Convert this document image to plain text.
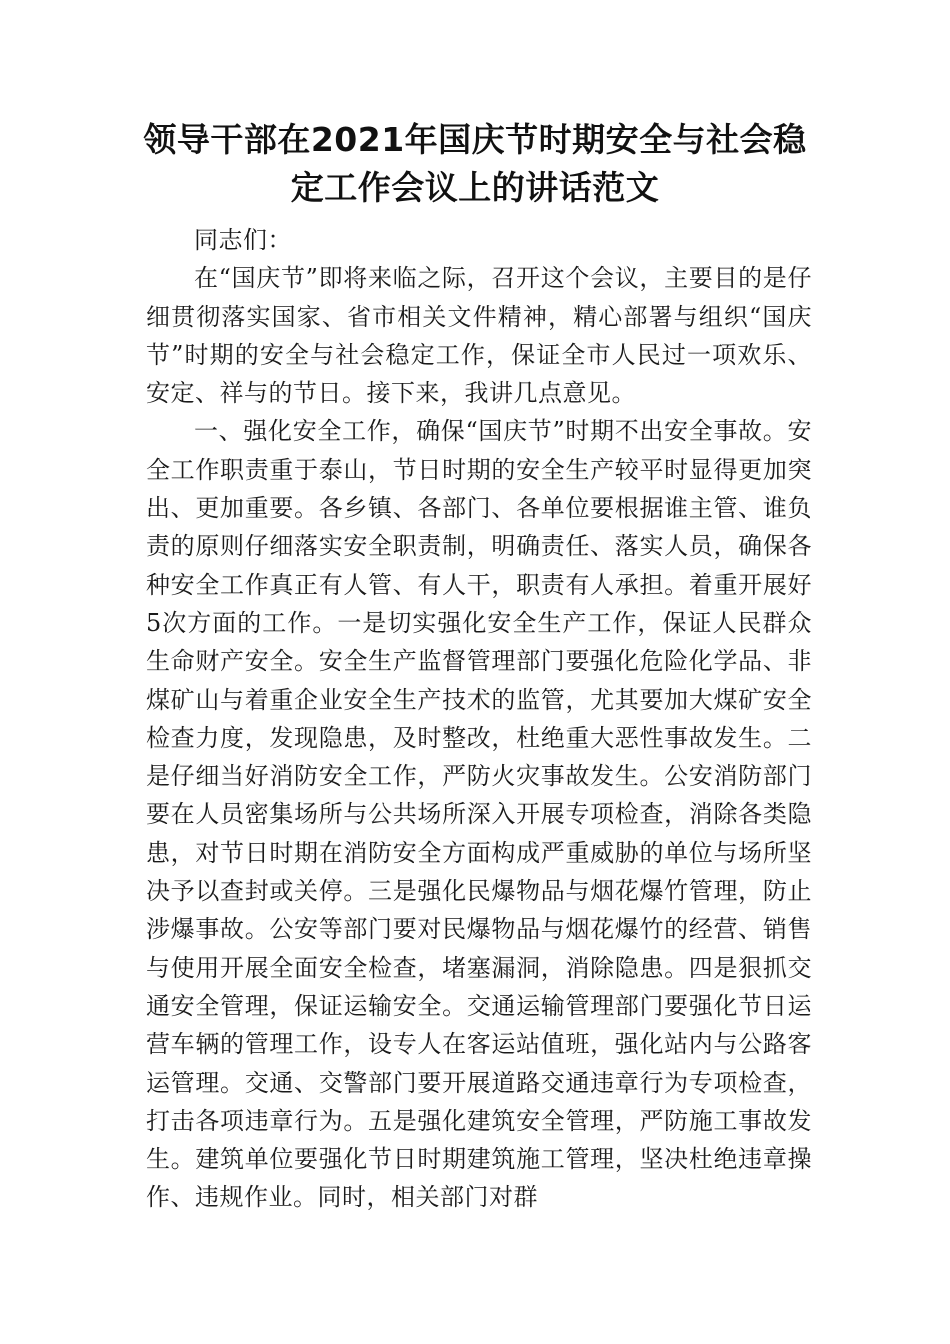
领导干部在2021年国庆节时期安全与社会稳定工作会议上的讲话范文

同志们：

在“国庆节”即将来临之际，召开这个会议，主要目的是仔细贯彻落实国家、省市相关文件精神，精心部署与组织“国庆节”时期的安全与社会稳定工作，保证全市人民过一项欢乐、安定、祥与的节日。接下来，我讲几点意见。

一、强化安全工作，确保“国庆节”时期不出安全事故。安全工作职责重于泰山，节日时期的安全生产较平时显得更加突出、更加重要。各乡镇、各部门、各单位要根据谁主管、谁负责的原则仔细落实安全职责制，明确责任、落实人员，确保各种安全工作真正有人管、有人干，职责有人承担。着重开展好5次方面的工作。一是切实强化安全生产工作，保证人民群众生命财产安全。安全生产监督管理部门要强化危险化学品、非煤矿山与着重企业安全生产技术的监管，尤其要加大煤矿安全检查力度，发现隐患，及时整改，杜绝重大恶性事故发生。二是仔细当好消防安全工作，严防火灾事故发生。公安消防部门要在人员密集场所与公共场所深入开展专项检查，消除各类隐患，对节日时期在消防安全方面构成严重威胁的单位与场所坚决予以查封或关停。三是强化民爆物品与烟花爆竹管理，防止涉爆事故。公安等部门要对民爆物品与烟花爆竹的经营、销售与使用开展全面安全检查，堵塞漏洞，消除隐患。四是狠抓交通安全管理，保证运输安全。交通运输管理部门要强化节日运营车辆的管理工作，设专人在客运站值班，强化站内与公路客运管理。交通、交警部门要开展道路交通违章行为专项检查，打击各项违章行为。五是强化建筑安全管理，严防施工事故发生。建筑单位要强化节日时期建筑施工管理，坚决杜绝违章操作、违规作业。同时，相关部门对群
